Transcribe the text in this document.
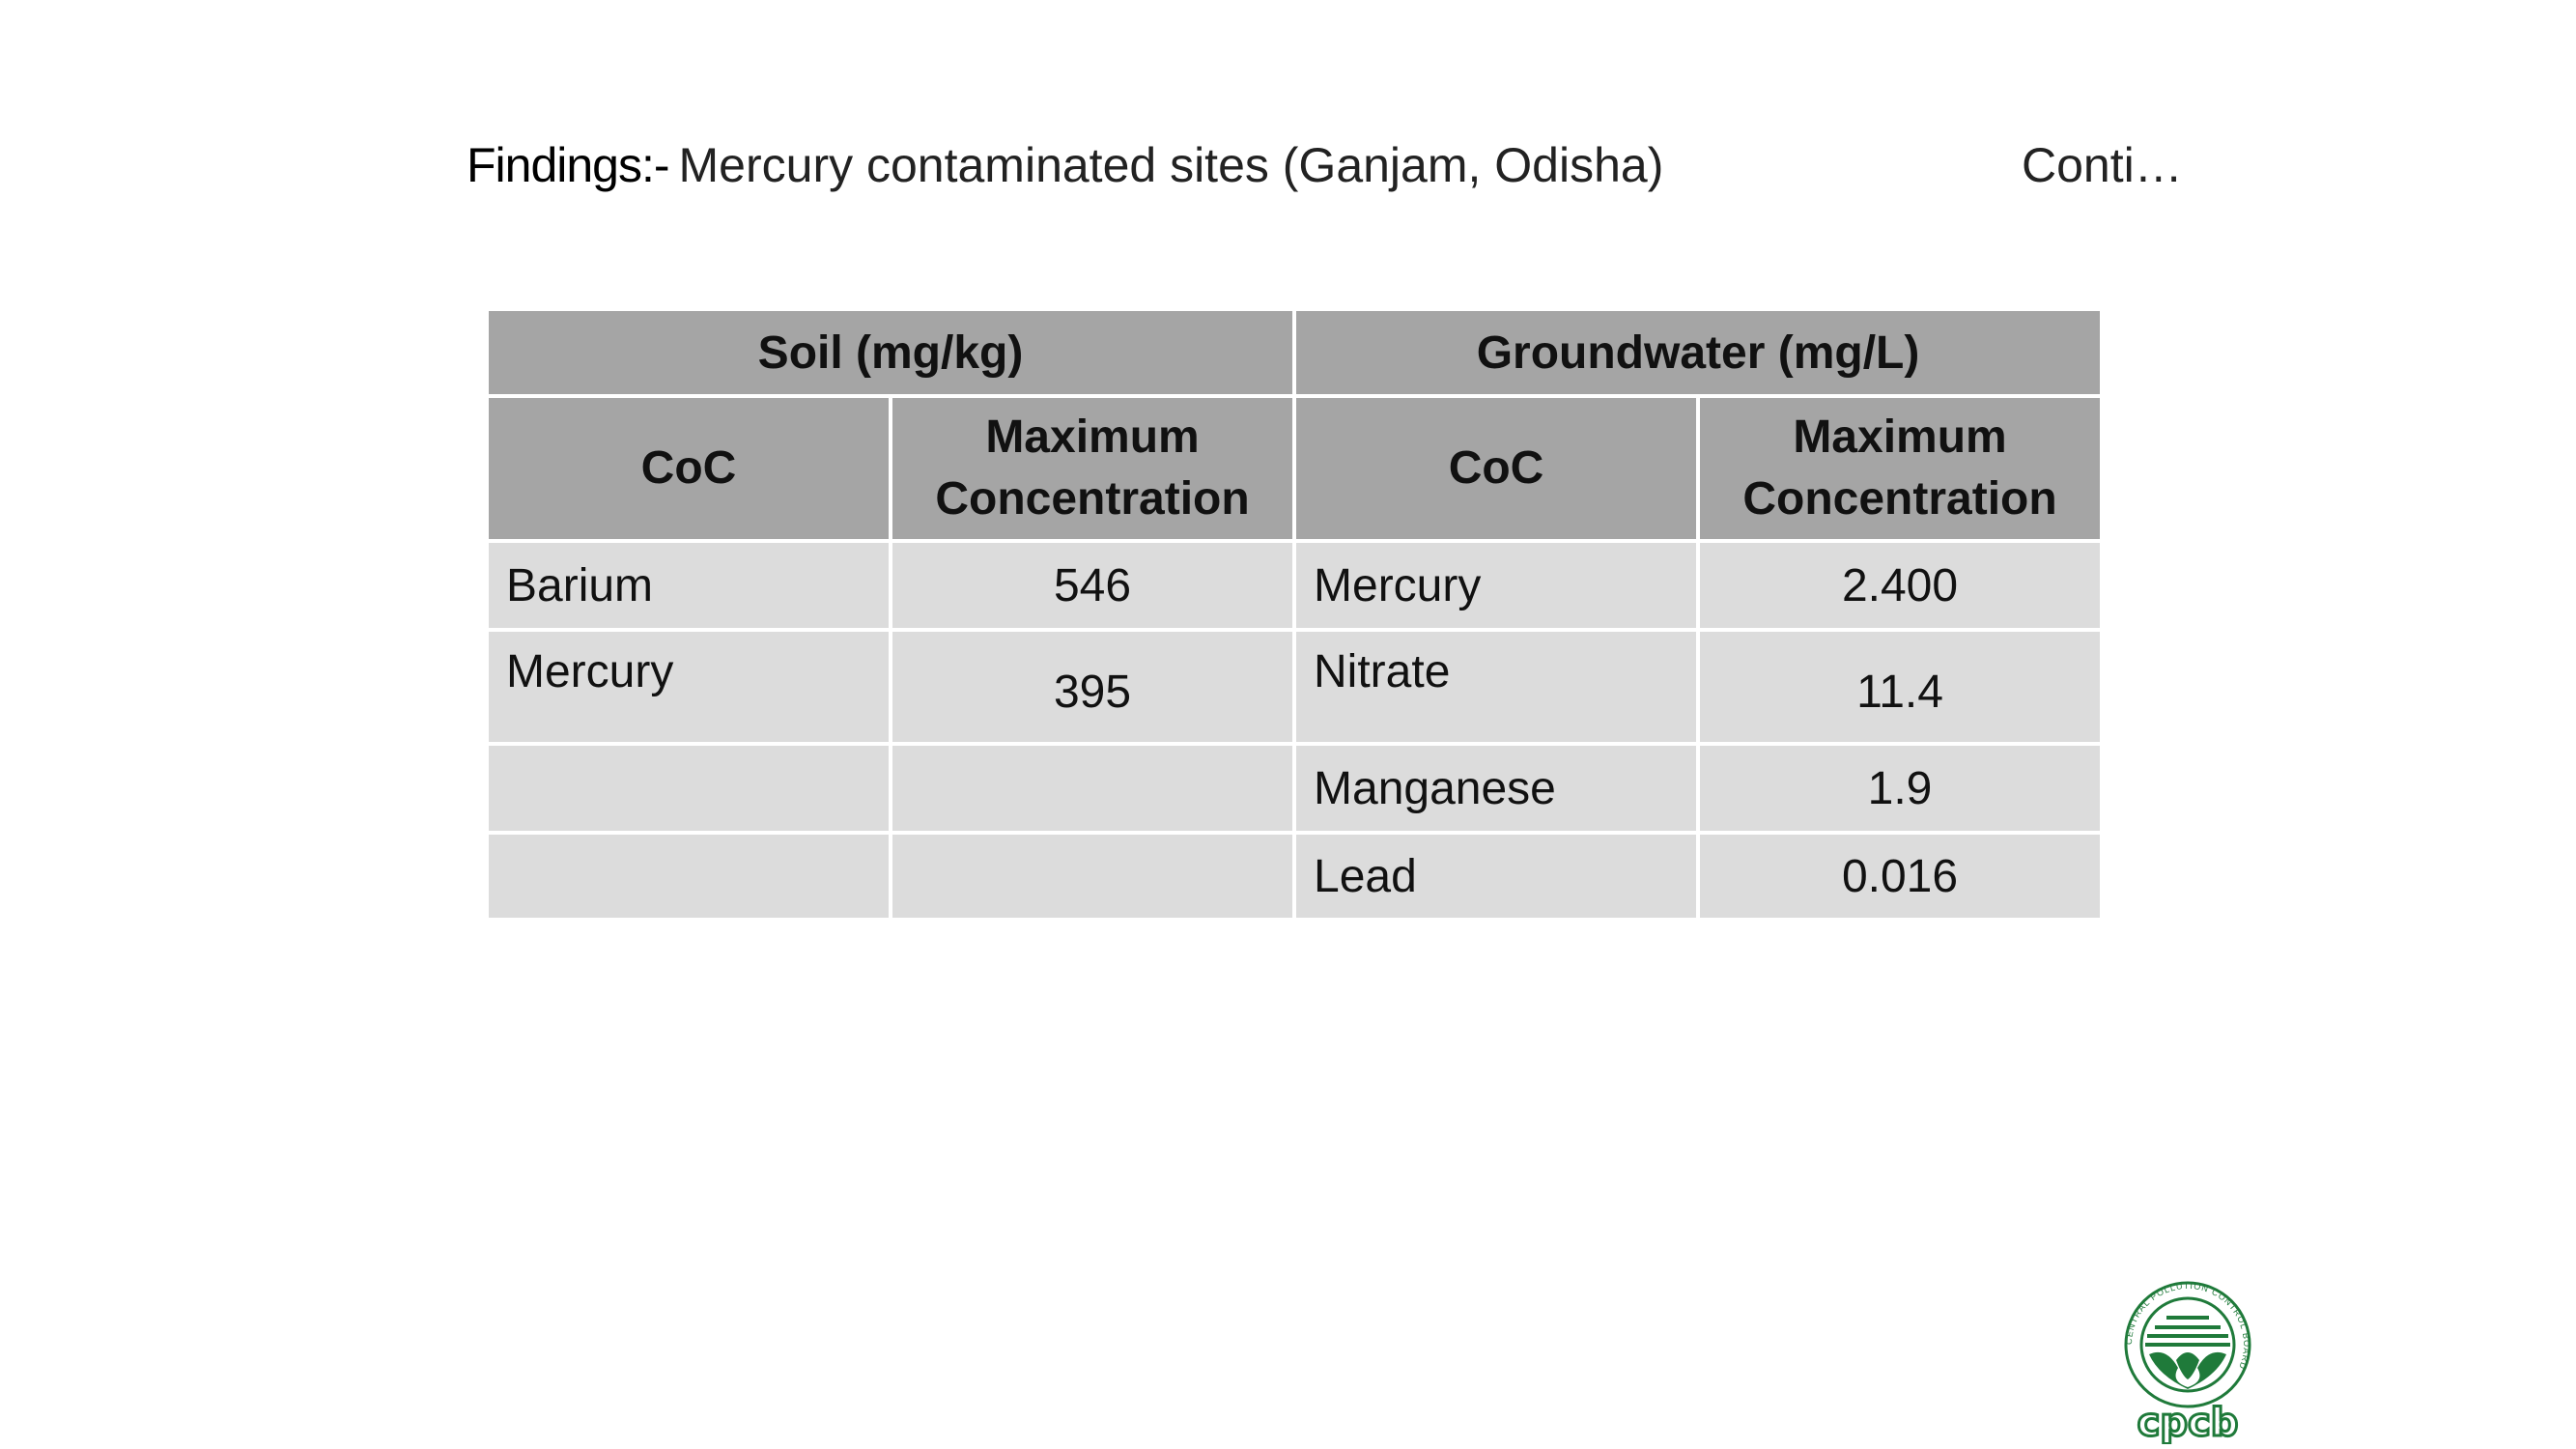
Findings:- Mercury contaminated sites (Ganjam, Odisha)	Conti…
Soil (mg/kg)		Groundwater (mg/L)	
CoC	Maximum Concentration	CoC	Maximum Concentration
Barium	546	Mercury	2.400
Mercury	395	Nitrate	11.4
		Manganese	1.9
		Lead	0.016
CENTRAL POLLUTION CONTROL BOARD
cpcb
